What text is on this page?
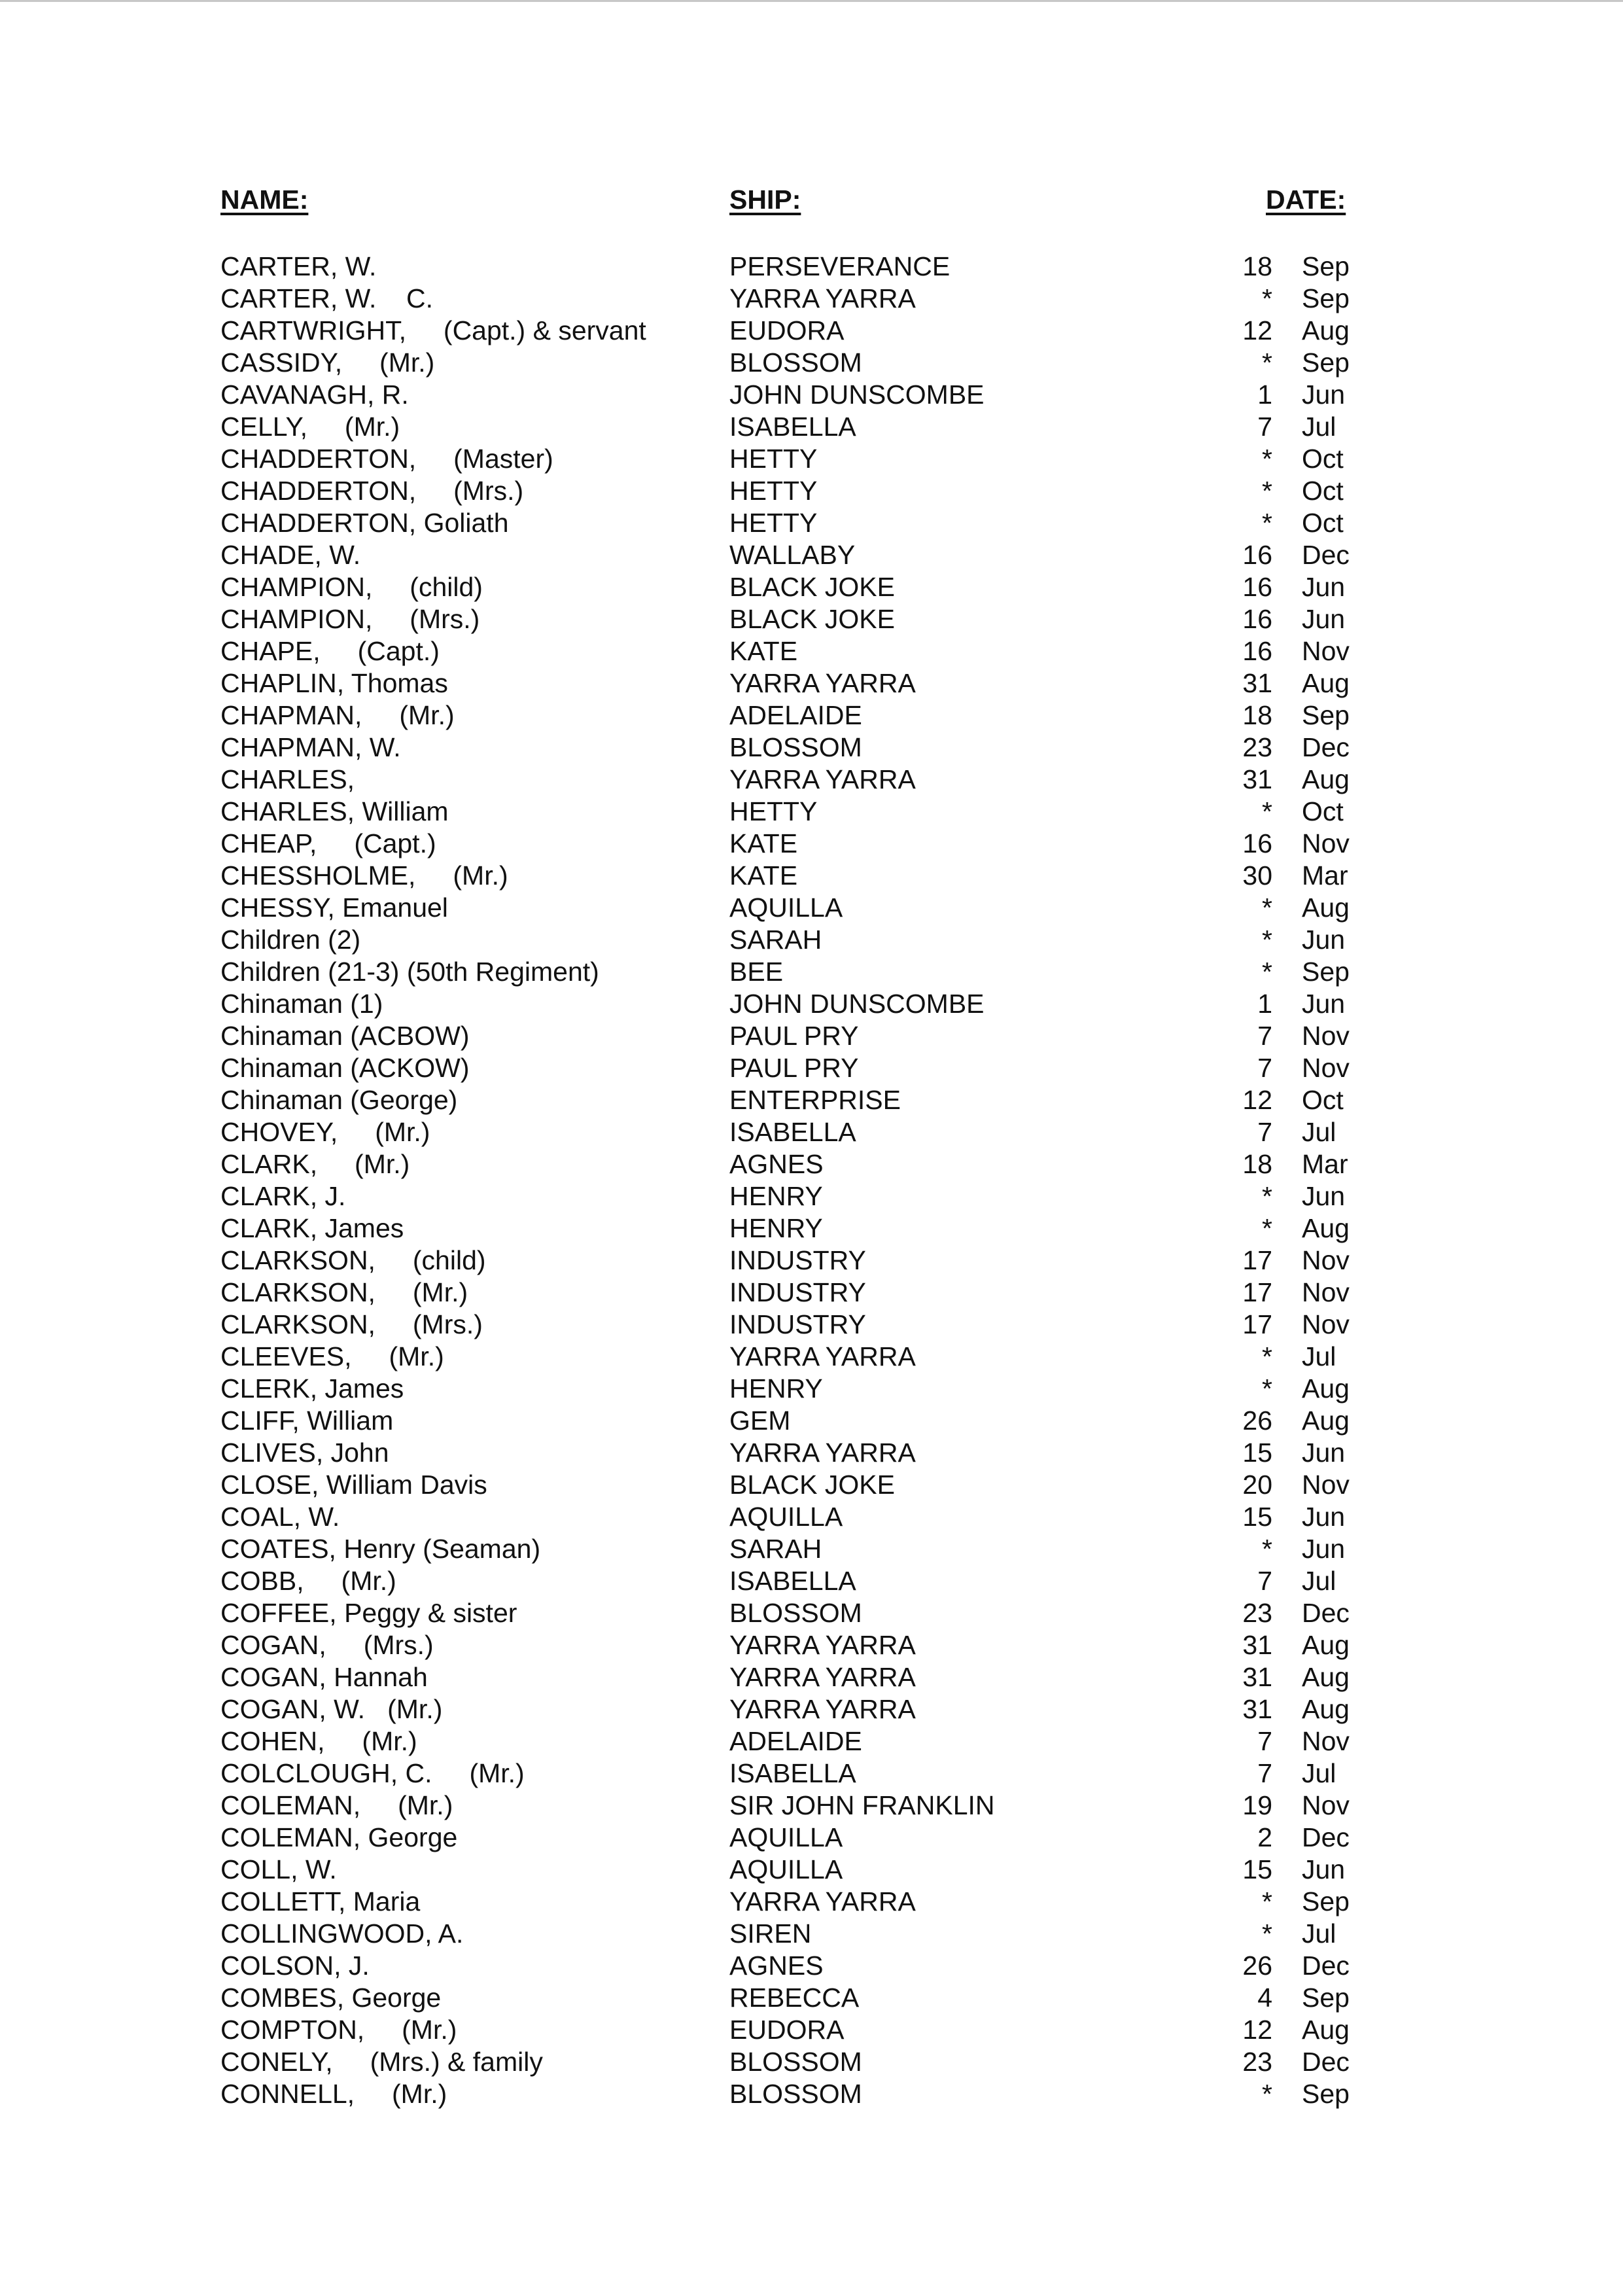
NAME:	SHIP:	DATE:
CARTER, W.	PERSEVERANCE	18 Sep
CARTER, W.    C.	YARRA YARRA	* Sep
CARTWRIGHT,     (Capt.) & servant	EUDORA	12 Aug
CASSIDY,     (Mr.)	BLOSSOM	* Sep
CAVANAGH, R.	JOHN DUNSCOMBE	1 Jun
CELLY,     (Mr.)	ISABELLA	7 Jul
CHADDERTON,     (Master)	HETTY	* Oct
CHADDERTON,     (Mrs.)	HETTY	* Oct
CHADDERTON, Goliath	HETTY	* Oct
CHADE, W.	WALLABY	16 Dec
CHAMPION,     (child)	BLACK JOKE	16 Jun
CHAMPION,     (Mrs.)	BLACK JOKE	16 Jun
CHAPE,     (Capt.)	KATE	16 Nov
CHAPLIN, Thomas	YARRA YARRA	31 Aug
CHAPMAN,     (Mr.)	ADELAIDE	18 Sep
CHAPMAN, W.	BLOSSOM	23 Dec
CHARLES,	YARRA YARRA	31 Aug
CHARLES, William	HETTY	* Oct
CHEAP,     (Capt.)	KATE	16 Nov
CHESSHOLME,     (Mr.)	KATE	30 Mar
CHESSY, Emanuel	AQUILLA	* Aug
Children (2)	SARAH	* Jun
Children (21-3) (50th Regiment)	BEE	* Sep
Chinaman (1)	JOHN DUNSCOMBE	1 Jun
Chinaman (ACBOW)	PAUL PRY	7 Nov
Chinaman (ACKOW)	PAUL PRY	7 Nov
Chinaman (George)	ENTERPRISE	12 Oct
CHOVEY,     (Mr.)	ISABELLA	7 Jul
CLARK,     (Mr.)	AGNES	18 Mar
CLARK, J.	HENRY	* Jun
CLARK, James	HENRY	* Aug
CLARKSON,     (child)	INDUSTRY	17 Nov
CLARKSON,     (Mr.)	INDUSTRY	17 Nov
CLARKSON,     (Mrs.)	INDUSTRY	17 Nov
CLEEVES,     (Mr.)	YARRA YARRA	* Jul
CLERK, James	HENRY	* Aug
CLIFF, William	GEM	26 Aug
CLIVES, John	YARRA YARRA	15 Jun
CLOSE, William Davis	BLACK JOKE	20 Nov
COAL, W.	AQUILLA	15 Jun
COATES, Henry (Seaman)	SARAH	* Jun
COBB,     (Mr.)	ISABELLA	7 Jul
COFFEE, Peggy & sister	BLOSSOM	23 Dec
COGAN,     (Mrs.)	YARRA YARRA	31 Aug
COGAN, Hannah	YARRA YARRA	31 Aug
COGAN, W.   (Mr.)	YARRA YARRA	31 Aug
COHEN,     (Mr.)	ADELAIDE	7 Nov
COLCLOUGH, C.     (Mr.)	ISABELLA	7 Jul
COLEMAN,     (Mr.)	SIR JOHN FRANKLIN	19 Nov
COLEMAN, George	AQUILLA	2 Dec
COLL, W.	AQUILLA	15 Jun
COLLETT, Maria	YARRA YARRA	* Sep
COLLINGWOOD, A.	SIREN	* Jul
COLSON, J.	AGNES	26 Dec
COMBES, George	REBECCA	4 Sep
COMPTON,     (Mr.)	EUDORA	12 Aug
CONELY,     (Mrs.) & family	BLOSSOM	23 Dec
CONNELL,     (Mr.)	BLOSSOM	* Sep
